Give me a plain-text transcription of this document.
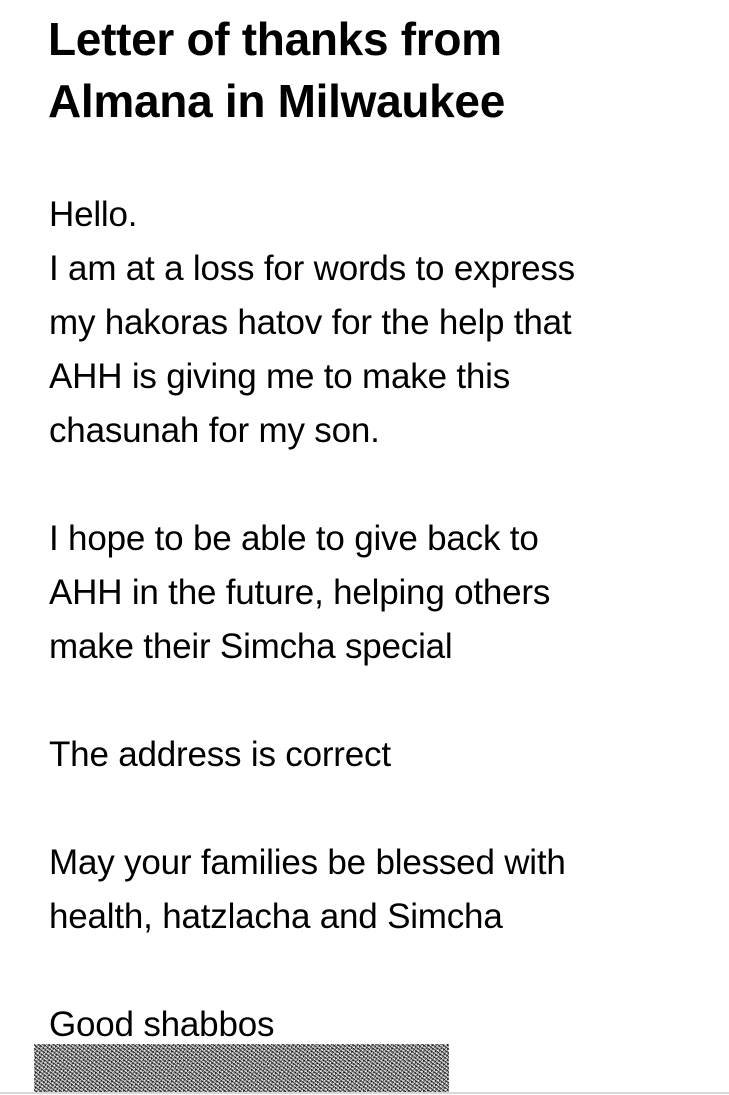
Letter of thanks from
Almana in Milwaukee
Hello.
I am at a loss for words to express
my hakoras hatov for the help that
AHH is giving me to make this
chasunah for my son.
I hope to be able to give back to
AHH in the future, helping others
make their Simcha special
The address is correct
May your families be blessed with
health, hatzlacha and Simcha
Good shabbos
